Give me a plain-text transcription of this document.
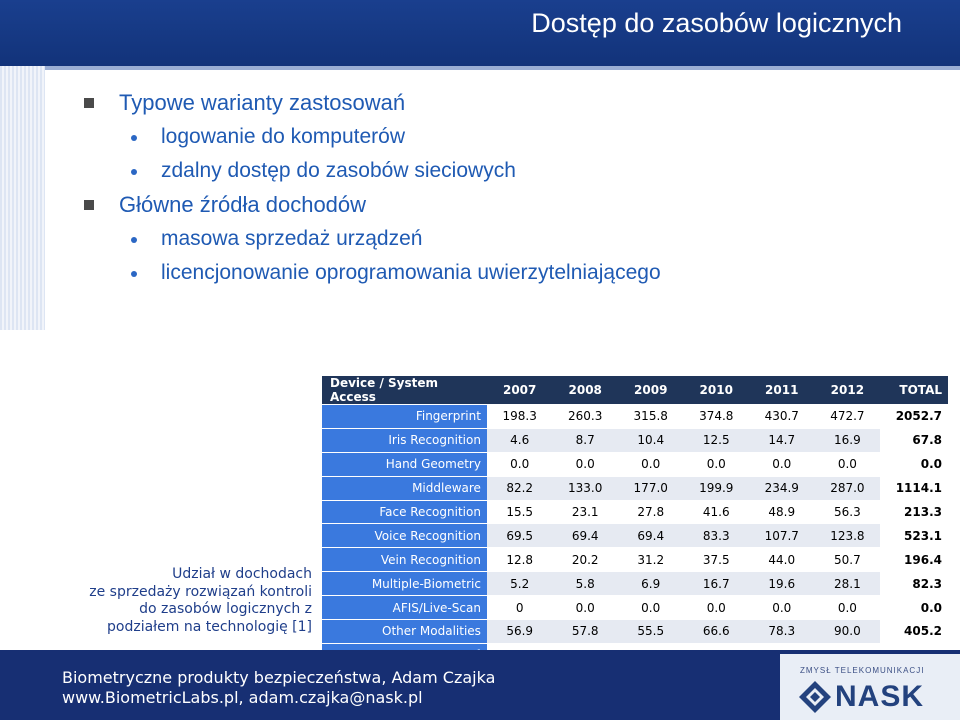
Dostęp do zasobów logicznych
Typowe warianty zastosowań
logowanie do komputerów
zdalny dostęp do zasobów sieciowych
Główne źródła dochodów
masowa sprzedaż urządzeń
licencjonowanie oprogramowania uwierzytelniającego
Udział w dochodach
ze sprzedaży rozwiązań kontroli
do zasobów logicznych z
podziałem na technologię [1]
Device / System Access	2007	2008	2009	2010	2011	2012	TOTAL
Fingerprint	198.3	260.3	315.8	374.8	430.7	472.7	2052.7
Iris Recognition	4.6	8.7	10.4	12.5	14.7	16.9	67.8
Hand Geometry	0.0	0.0	0.0	0.0	0.0	0.0	0.0
Middleware	82.2	133.0	177.0	199.9	234.9	287.0	1114.1
Face Recognition	15.5	23.1	27.8	41.6	48.9	56.3	213.3
Voice Recognition	69.5	69.4	69.4	83.3	107.7	123.8	523.1
Vein Recognition	12.8	20.2	31.2	37.5	44.0	50.7	196.4
Multiple-Biometric	5.2	5.8	6.9	16.7	19.6	28.1	82.3
AFIS/Live-Scan	0	0.0	0.0	0.0	0.0	0.0	0.0
Other Modalities	56.9	57.8	55.5	66.6	78.3	90.0	405.2

Biometryczne produkty bezpieczeństwa, Adam Czajka
www.BiometricLabs.pl, adam.czajka@nask.pl
ZMYSŁ TELEKOMUNIKACJI
NASK
